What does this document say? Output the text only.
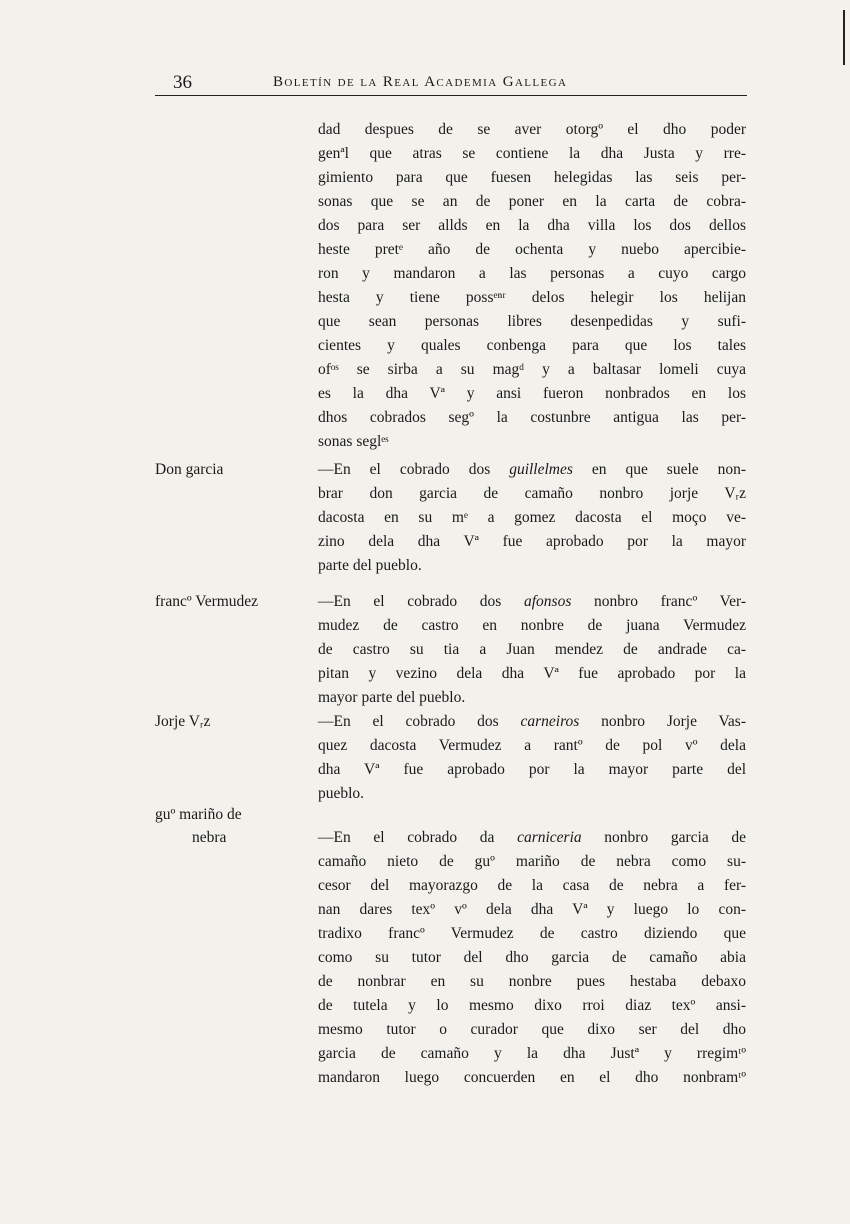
36	Boletín de la Real Academia Gallega
dad despues de se aver otorgº el dho poder
genªl que atras se contiene la dha Justa y rre-
gimiento para que fuesen helegidas las seis per-
sonas que se an de poner en la carta de cobra-
dos para ser allds en la dha villa los dos dellos
heste pretᵉ año de ochenta y nuebo apercibie-
ron y mandaron a las personas a cuyo cargo
hesta y tiene possᵉⁿʳ delos helegir los helijan
que sean personas libres desenpedidas y sufi-
cientes y quales conbenga para que los tales
ofᵒˢ se sirba a su magᵈ y a baltasar lomeli cuya
es la dha Vª y ansi fueron nonbrados en los
dhos cobrados segº la costunbre antigua las per-
sonas seglᵉˢ
Don garcia	—En el cobrado dos guillelmes en que suele non-
brar don garcia de camaño nonbro jorje Vᵣᴢ
dacosta en su mᵉ a gomez dacosta el moço ve-
zino dela dha Vª fue aprobado por la mayor
parte del pueblo.
francº Vermudez	—En el cobrado dos afonsos nonbro francº Ver-
mudez de castro en nonbre de juana Vermudez
de castro su tia a Juan mendez de andrade ca-
pitan y vezino dela dha Vª fue aprobado por la
mayor parte del pueblo.
Jorje Vᵣᴢ	—En el cobrado dos carneiros nonbro Jorje Vas-
quez dacosta Vermudez a rantº de pol vº dela
dha Vª fue aprobado por la mayor parte del
pueblo.
guº mariño de
nebra	—En el cobrado da carniceria nonbro garcia de
camaño nieto de guº mariño de nebra como su-
cesor del mayorazgo de la casa de nebra a fer-
nan dares texº vº dela dha Vª y luego lo con-
tradixo francº Vermudez de castro diziendo que
como su tutor del dho garcia de camaño abia
de nonbrar en su nonbre pues hestaba debaxo
de tutela y lo mesmo dixo rroi diaz texº ansi-
mesmo tutor o curador que dixo ser del dho
garcia de camaño y la dha Justª y rregimᵗº
mandaron luego concuerden en el dho nonbramᵗº
